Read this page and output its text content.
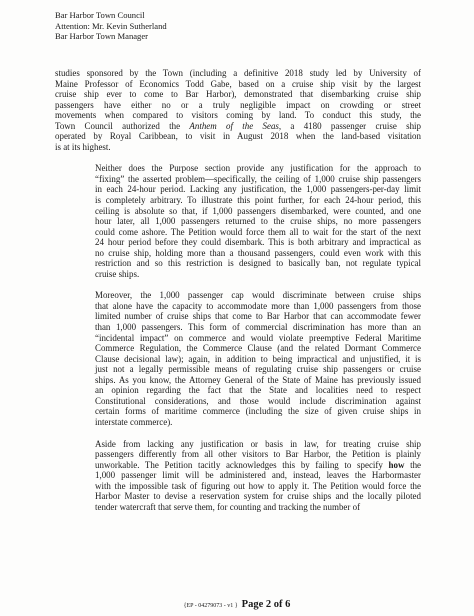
Bar Harbor Town Council
Attention: Mr. Kevin Sutherland
Bar Harbor Town Manager

studies sponsored by the Town (including a definitive 2018 study led by University of
Maine Professor of Economics Todd Gabe, based on a cruise ship visit by the largest
cruise ship ever to come to Bar Harbor), demonstrated that disembarking cruise ship
passengers have either no or a truly negligible impact on crowding or street
movements when compared to visitors coming by land. To conduct this study, the
Town Council authorized the Anthem of the Seas, a 4180 passenger cruise ship
operated by Royal Caribbean, to visit in August 2018 when the land-based visitation
is at its highest.

Neither does the Purpose section provide any justification for the approach to
“fixing” the asserted problem—specifically, the ceiling of 1,000 cruise ship passengers
in each 24-hour period. Lacking any justification, the 1,000 passengers-per-day limit
is completely arbitrary. To illustrate this point further, for each 24-hour period, this
ceiling is absolute so that, if 1,000 passengers disembarked, were counted, and one
hour later, all 1,000 passengers returned to the cruise ships, no more passengers
could come ashore. The Petition would force them all to wait for the start of the next
24 hour period before they could disembark. This is both arbitrary and impractical as
no cruise ship, holding more than a thousand passengers, could even work with this
restriction and so this restriction is designed to basically ban, not regulate typical
cruise ships.

Moreover, the 1,000 passenger cap would discriminate between cruise ships
that alone have the capacity to accommodate more than 1,000 passengers from those
limited number of cruise ships that come to Bar Harbor that can accommodate fewer
than 1,000 passengers. This form of commercial discrimination has more than an
“incidental impact” on commerce and would violate preemptive Federal Maritime
Commerce Regulation, the Commerce Clause (and the related Dormant Commerce
Clause decisional law); again, in addition to being impractical and unjustified, it is
just not a legally permissible means of regulating cruise ship passengers or cruise
ships. As you know, the Attorney General of the State of Maine has previously issued
an opinion regarding the fact that the State and localities need to respect
Constitutional considerations, and those would include discrimination against
certain forms of maritime commerce (including the size of given cruise ships in
interstate commerce).

Aside from lacking any justification or basis in law, for treating cruise ship
passengers differently from all other visitors to Bar Harbor, the Petition is plainly
unworkable. The Petition tacitly acknowledges this by failing to specify how the
1,000 passenger limit will be administered and, instead, leaves the Harbormaster
with the impossible task of figuring out how to apply it. The Petition would force the
Harbor Master to devise a reservation system for cruise ships and the locally piloted
tender watercraft that serve them, for counting and tracking the number of

{EP - 04279073 - v1 } Page 2 of 6
